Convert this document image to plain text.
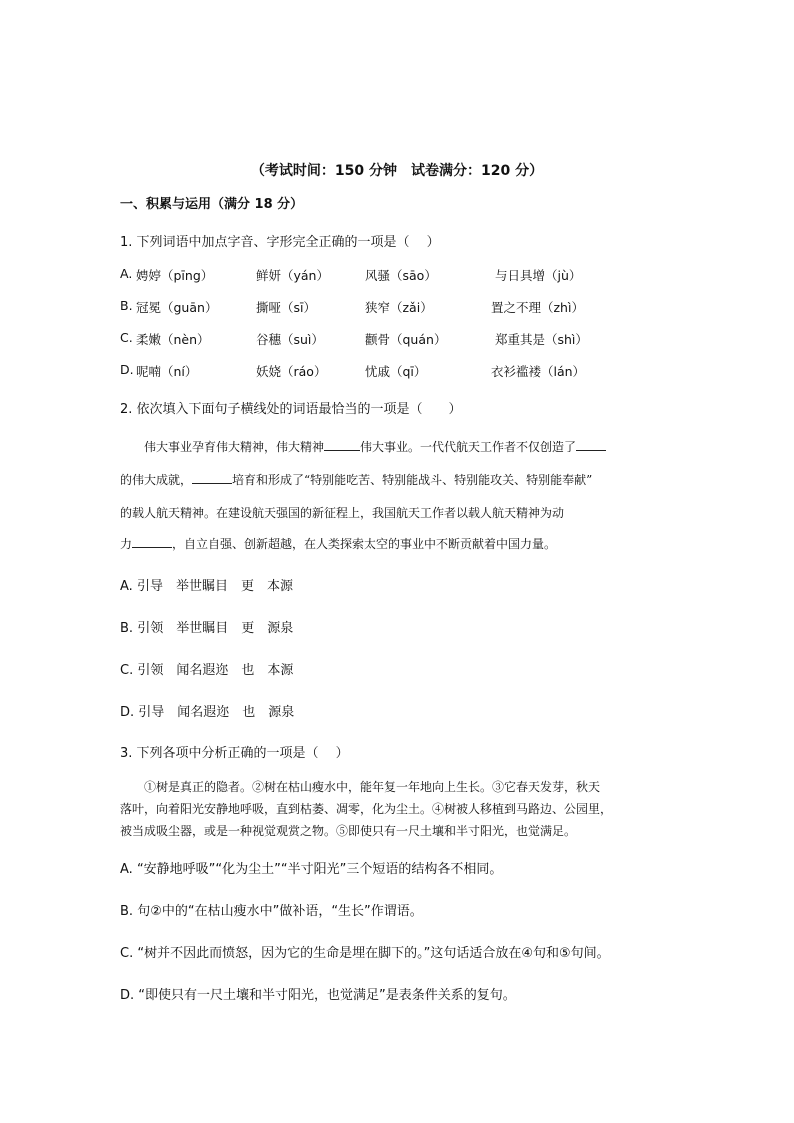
（考试时间：150 分钟　试卷满分：120 分）
一、积累与运用（满分 18 分）
1. 下列词语中加点字音、字形完全正确的一项是（　 ）
A. 娉婷（pīng）	鲜妍（yán）	风骚（sāo）	与日具增（jù）
B. 冠冕（guān）	撕哑（sī）	狭窄（zǎi）	置之不理（zhì）
C. 柔嫩（nèn）	谷穗（suì）	颧骨（quán）	郑重其是（shì）
D. 呢喃（ní）	妖娆（ráo）	忧戚（qī）	衣衫褴褛（lán）
2. 依次填入下面句子横线处的词语最恰当的一项是（　　）
伟大事业孕育伟大精神，伟大精神	伟大事业。一代代航天工作者不仅创造了
的伟大成就，	培育和形成了“特别能吃苦、特别能战斗、特别能攻关、特别能奉献”
的载人航天精神。在建设航天强国的新征程上，我国航天工作者以载人航天精神为动
力	，自立自强、创新超越，在人类探索太空的事业中不断贡献着中国力量。
A. 引导　举世瞩目　更　本源
B. 引领　举世瞩目　更　源泉
C. 引领　闻名遐迩　也　本源
D. 引导　闻名遐迩　也　源泉
3. 下列各项中分析正确的一项是（　 ）
①树是真正的隐者。②树在枯山瘦水中，能年复一年地向上生长。③它春天发芽，秋天
落叶，向着阳光安静地呼吸，直到枯萎、凋零，化为尘土。④树被人移植到马路边、公园里，
被当成吸尘器，或是一种视觉观赏之物。⑤即使只有一尺土壤和半寸阳光，也觉满足。
A. “安静地呼吸”“化为尘土”“半寸阳光”三个短语的结构各不相同。
B. 句②中的“在枯山瘦水中”做补语，“生长”作谓语。
C. “树并不因此而愤怒，因为它的生命是埋在脚下的。”这句话适合放在④句和⑤句间。
D. “即使只有一尺土壤和半寸阳光，也觉满足”是表条件关系的复句。
